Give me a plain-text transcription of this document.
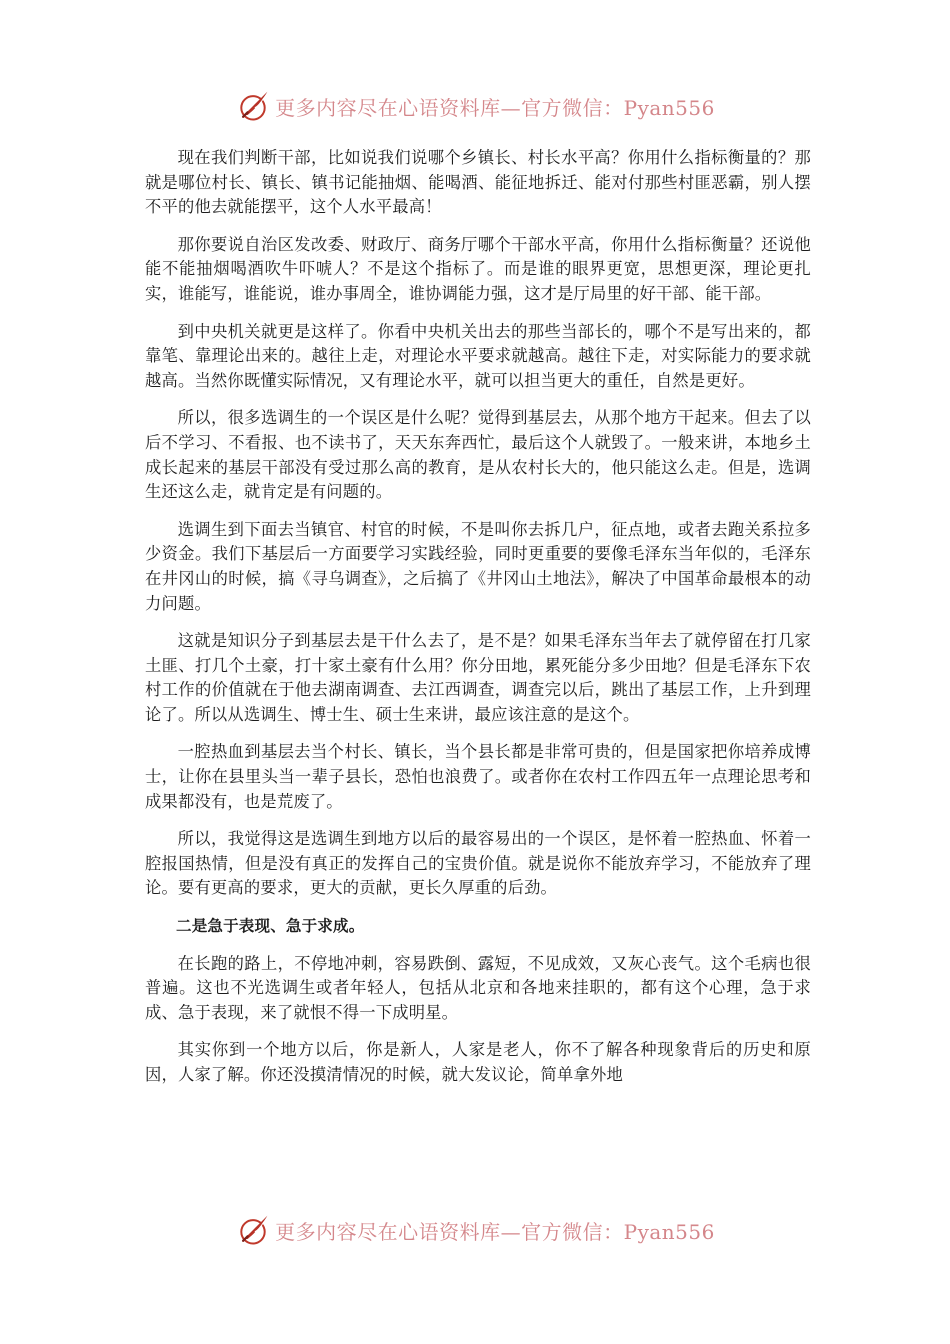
更多内容尽在心语资料库—官方微信：Pyan556

现在我们判断干部，比如说我们说哪个乡镇长、村长水平高？你用什么指标衡量的？那就是哪位村长、镇长、镇书记能抽烟、能喝酒、能征地拆迁、能对付那些村匪恶霸，别人摆不平的他去就能摆平，这个人水平最高！

那你要说自治区发改委、财政厅、商务厅哪个干部水平高，你用什么指标衡量？还说他能不能抽烟喝酒吹牛吓唬人？不是这个指标了。而是谁的眼界更宽，思想更深，理论更扎实，谁能写，谁能说，谁办事周全，谁协调能力强，这才是厅局里的好干部、能干部。

到中央机关就更是这样了。你看中央机关出去的那些当部长的，哪个不是写出来的，都靠笔、靠理论出来的。越往上走，对理论水平要求就越高。越往下走，对实际能力的要求就越高。当然你既懂实际情况，又有理论水平，就可以担当更大的重任，自然是更好。

所以，很多选调生的一个误区是什么呢？觉得到基层去，从那个地方干起来。但去了以后不学习、不看报、也不读书了，天天东奔西忙，最后这个人就毁了。一般来讲，本地乡土成长起来的基层干部没有受过那么高的教育，是从农村长大的，他只能这么走。但是，选调生还这么走，就肯定是有问题的。

选调生到下面去当镇官、村官的时候，不是叫你去拆几户，征点地，或者去跑关系拉多少资金。我们下基层后一方面要学习实践经验，同时更重要的要像毛泽东当年似的，毛泽东在井冈山的时候，搞《寻乌调查》，之后搞了《井冈山土地法》，解决了中国革命最根本的动力问题。

这就是知识分子到基层去是干什么去了，是不是？如果毛泽东当年去了就停留在打几家土匪、打几个土豪，打十家土豪有什么用？你分田地，累死能分多少田地？但是毛泽东下农村工作的价值就在于他去湖南调查、去江西调查，调查完以后，跳出了基层工作，上升到理论了。所以从选调生、博士生、硕士生来讲，最应该注意的是这个。

一腔热血到基层去当个村长、镇长，当个县长都是非常可贵的，但是国家把你培养成博士，让你在县里头当一辈子县长，恐怕也浪费了。或者你在农村工作四五年一点理论思考和成果都没有，也是荒废了。

所以，我觉得这是选调生到地方以后的最容易出的一个误区，是怀着一腔热血、怀着一腔报国热情，但是没有真正的发挥自己的宝贵价值。就是说你不能放弃学习，不能放弃了理论。要有更高的要求，更大的贡献，更长久厚重的后劲。

二是急于表现、急于求成。

在长跑的路上，不停地冲刺，容易跌倒、露短，不见成效，又灰心丧气。这个毛病也很普遍。这也不光选调生或者年轻人，包括从北京和各地来挂职的，都有这个心理，急于求成、急于表现，来了就恨不得一下成明星。

其实你到一个地方以后，你是新人，人家是老人，你不了解各种现象背后的历史和原因，人家了解。你还没摸清情况的时候，就大发议论，简单拿外地

更多内容尽在心语资料库—官方微信：Pyan556
